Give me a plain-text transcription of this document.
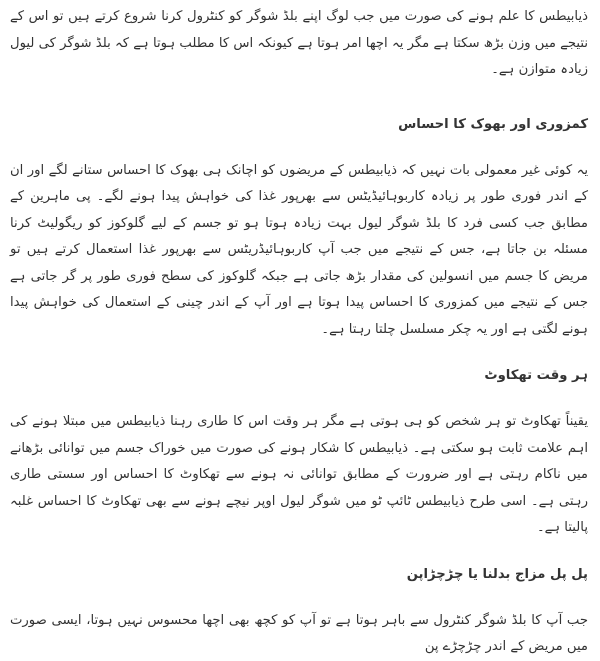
ذیابیطس کا علم ہونے کی صورت میں جب لوگ اپنے بلڈ شوگر کو کنٹرول کرنا شروع کرتے ہیں تو اس کے نتیجے میں وزن بڑھ سکتا ہے مگر یہ اچھا امر ہوتا ہے کیونکہ اس کا مطلب ہوتا ہے کہ بلڈ شوگر کی لیول زیادہ متوازن ہے۔

کمزوری اور بھوک کا احساس

یہ کوئی غیر معمولی بات نہیں کہ ذیابیطس کے مریضوں کو اچانک ہی بھوک کا احساس ستانے لگے اور ان کے اندر فوری طور پر زیادہ کاربوہائیڈیٹس سے بھرپور غذا کی خواہش پیدا ہونے لگے۔ پی ماہرین کے مطابق جب کسی فرد کا بلڈ شوگر لیول بہت زیادہ ہوتا ہو تو جسم کے لیے گلوکوز کو ریگولیٹ کرنا مسئلہ بن جاتا ہے، جس کے نتیجے میں جب آپ کاربوہائیڈریٹس سے بھرپور غذا استعمال کرتے ہیں تو مریض کا جسم میں انسولین کی مقدار بڑھ جاتی ہے جبکہ گلوکوز کی سطح فوری طور پر گر جاتی ہے جس کے نتیجے میں کمزوری کا احساس پیدا ہوتا ہے اور آپ کے اندر چینی کے استعمال کی خواہش پیدا ہونے لگتی ہے اور یہ چکر مسلسل چلتا رہتا ہے۔

ہر وقت تھکاوٹ

یقیناً تھکاوٹ تو ہر شخص کو ہی ہوتی ہے مگر ہر وقت اس کا طاری رہنا ذیابیطس میں مبتلا ہونے کی اہم علامت ثابت ہو سکتی ہے۔ ذیابیطس کا شکار ہونے کی صورت میں خوراک جسم میں توانائی بڑھانے میں ناکام رہتی ہے اور ضرورت کے مطابق توانائی نہ ہونے سے تھکاوٹ کا احساس اور سستی طاری رہتی ہے۔ اسی طرح ذیابیطس ٹائپ ٹو میں شوگر لیول اوپر نیچے ہونے سے بھی تھکاوٹ کا احساس غلبہ پالیتا ہے۔

پل پل مزاج بدلنا یا چڑچڑاپن

جب آپ کا بلڈ شوگر کنٹرول سے باہر ہوتا ہے تو آپ کو کچھ بھی اچھا محسوس نہیں ہوتا، ایسی صورت میں مریض کے اندر چڑچڑے پن
